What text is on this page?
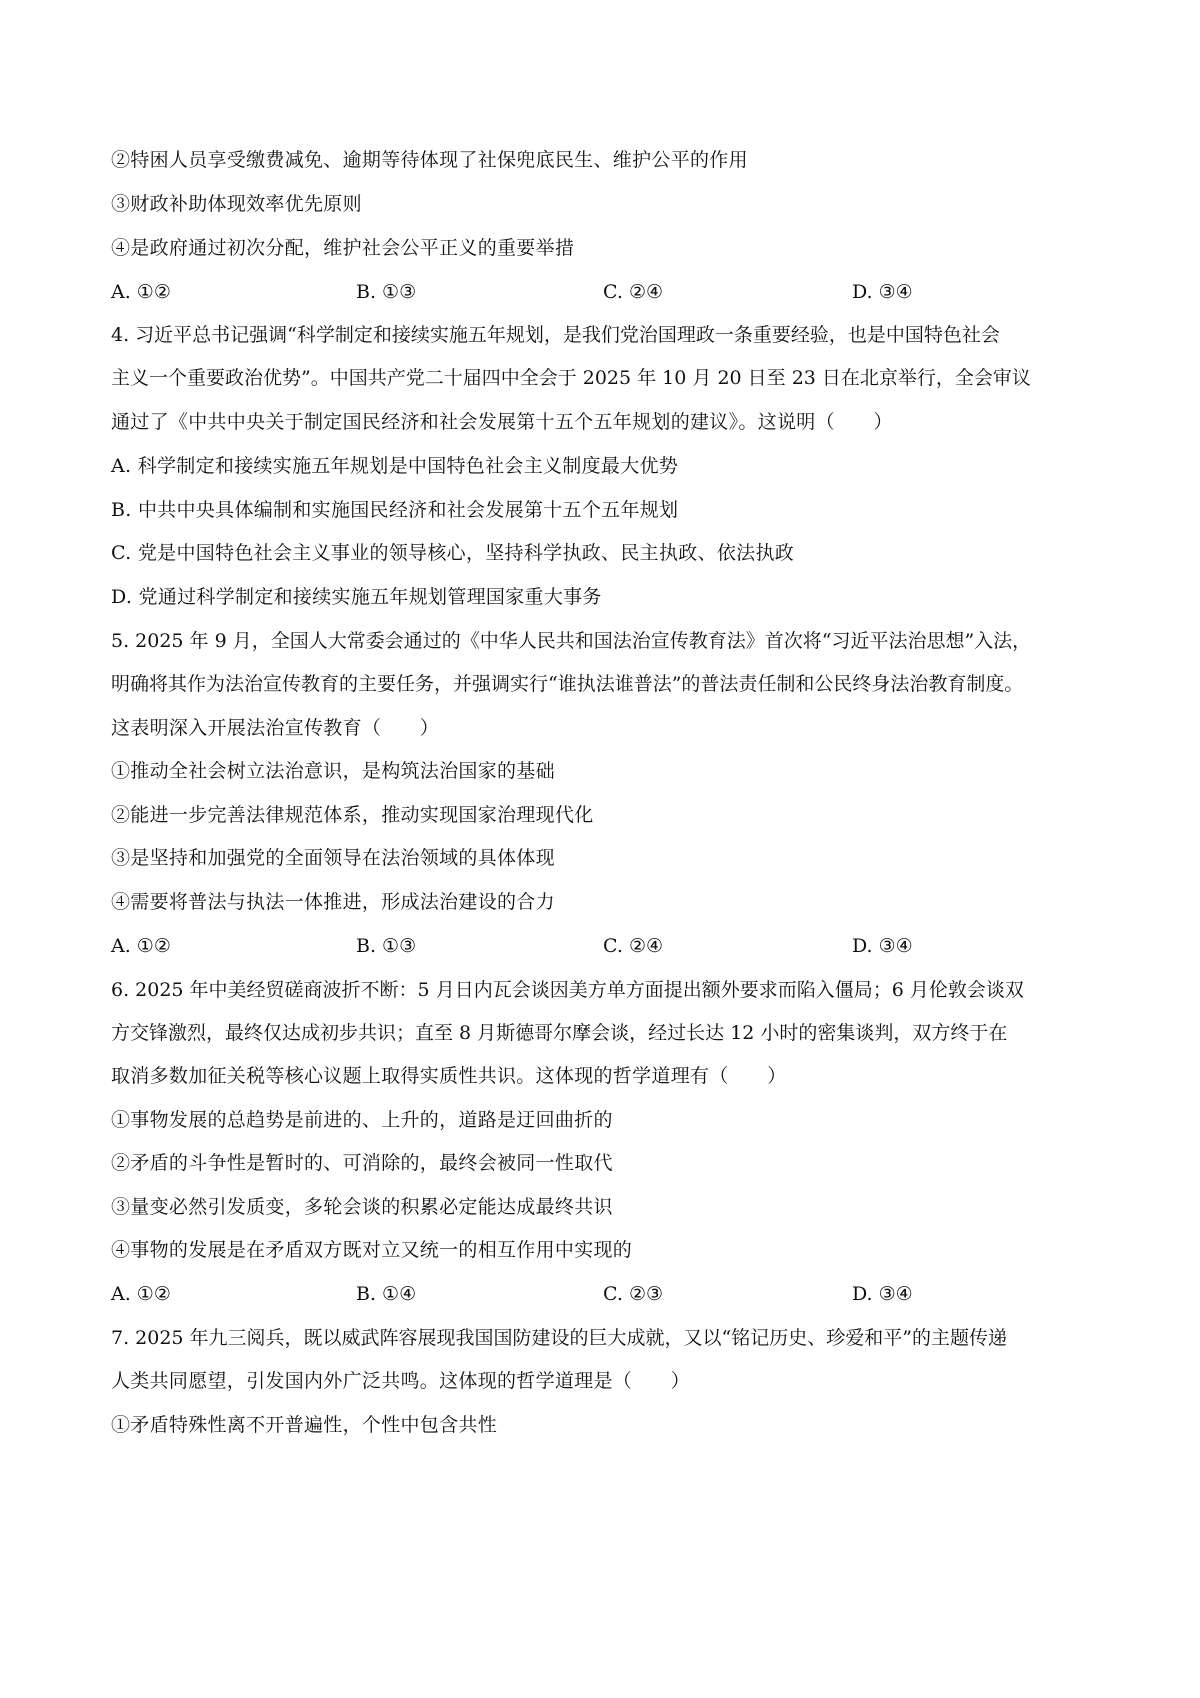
②特困人员享受缴费减免、逾期等待体现了社保兜底民生、维护公平的作用
③财政补助体现效率优先原则
④是政府通过初次分配，维护社会公平正义的重要举措
A. ①②	B. ①③	C. ②④	D. ③④
4. 习近平总书记强调“科学制定和接续实施五年规划，是我们党治国理政一条重要经验，也是中国特色社会
主义一个重要政治优势”。中国共产党二十届四中全会于 2025 年 10 月 20 日至 23 日在北京举行，全会审议
通过了《中共中央关于制定国民经济和社会发展第十五个五年规划的建议》。这说明（　　）
A. 科学制定和接续实施五年规划是中国特色社会主义制度最大优势
B. 中共中央具体编制和实施国民经济和社会发展第十五个五年规划
C. 党是中国特色社会主义事业的领导核心，坚持科学执政、民主执政、依法执政
D. 党通过科学制定和接续实施五年规划管理国家重大事务
5. 2025 年 9 月，全国人大常委会通过的《中华人民共和国法治宣传教育法》首次将“习近平法治思想”入法，
明确将其作为法治宣传教育的主要任务，并强调实行“谁执法谁普法”的普法责任制和公民终身法治教育制度。
这表明深入开展法治宣传教育（　　）
①推动全社会树立法治意识，是构筑法治国家的基础
②能进一步完善法律规范体系，推动实现国家治理现代化
③是坚持和加强党的全面领导在法治领域的具体体现
④需要将普法与执法一体推进，形成法治建设的合力
A. ①②	B. ①③	C. ②④	D. ③④
6. 2025 年中美经贸磋商波折不断：5 月日内瓦会谈因美方单方面提出额外要求而陷入僵局；6 月伦敦会谈双
方交锋激烈，最终仅达成初步共识；直至 8 月斯德哥尔摩会谈，经过长达 12 小时的密集谈判，双方终于在
取消多数加征关税等核心议题上取得实质性共识。这体现的哲学道理有（　　）
①事物发展的总趋势是前进的、上升的，道路是迂回曲折的
②矛盾的斗争性是暂时的、可消除的，最终会被同一性取代
③量变必然引发质变，多轮会谈的积累必定能达成最终共识
④事物的发展是在矛盾双方既对立又统一的相互作用中实现的
A. ①②	B. ①④	C. ②③	D. ③④
7. 2025 年九三阅兵，既以威武阵容展现我国国防建设的巨大成就，又以“铭记历史、珍爱和平”的主题传递
人类共同愿望，引发国内外广泛共鸣。这体现的哲学道理是（　　）
①矛盾特殊性离不开普遍性，个性中包含共性
